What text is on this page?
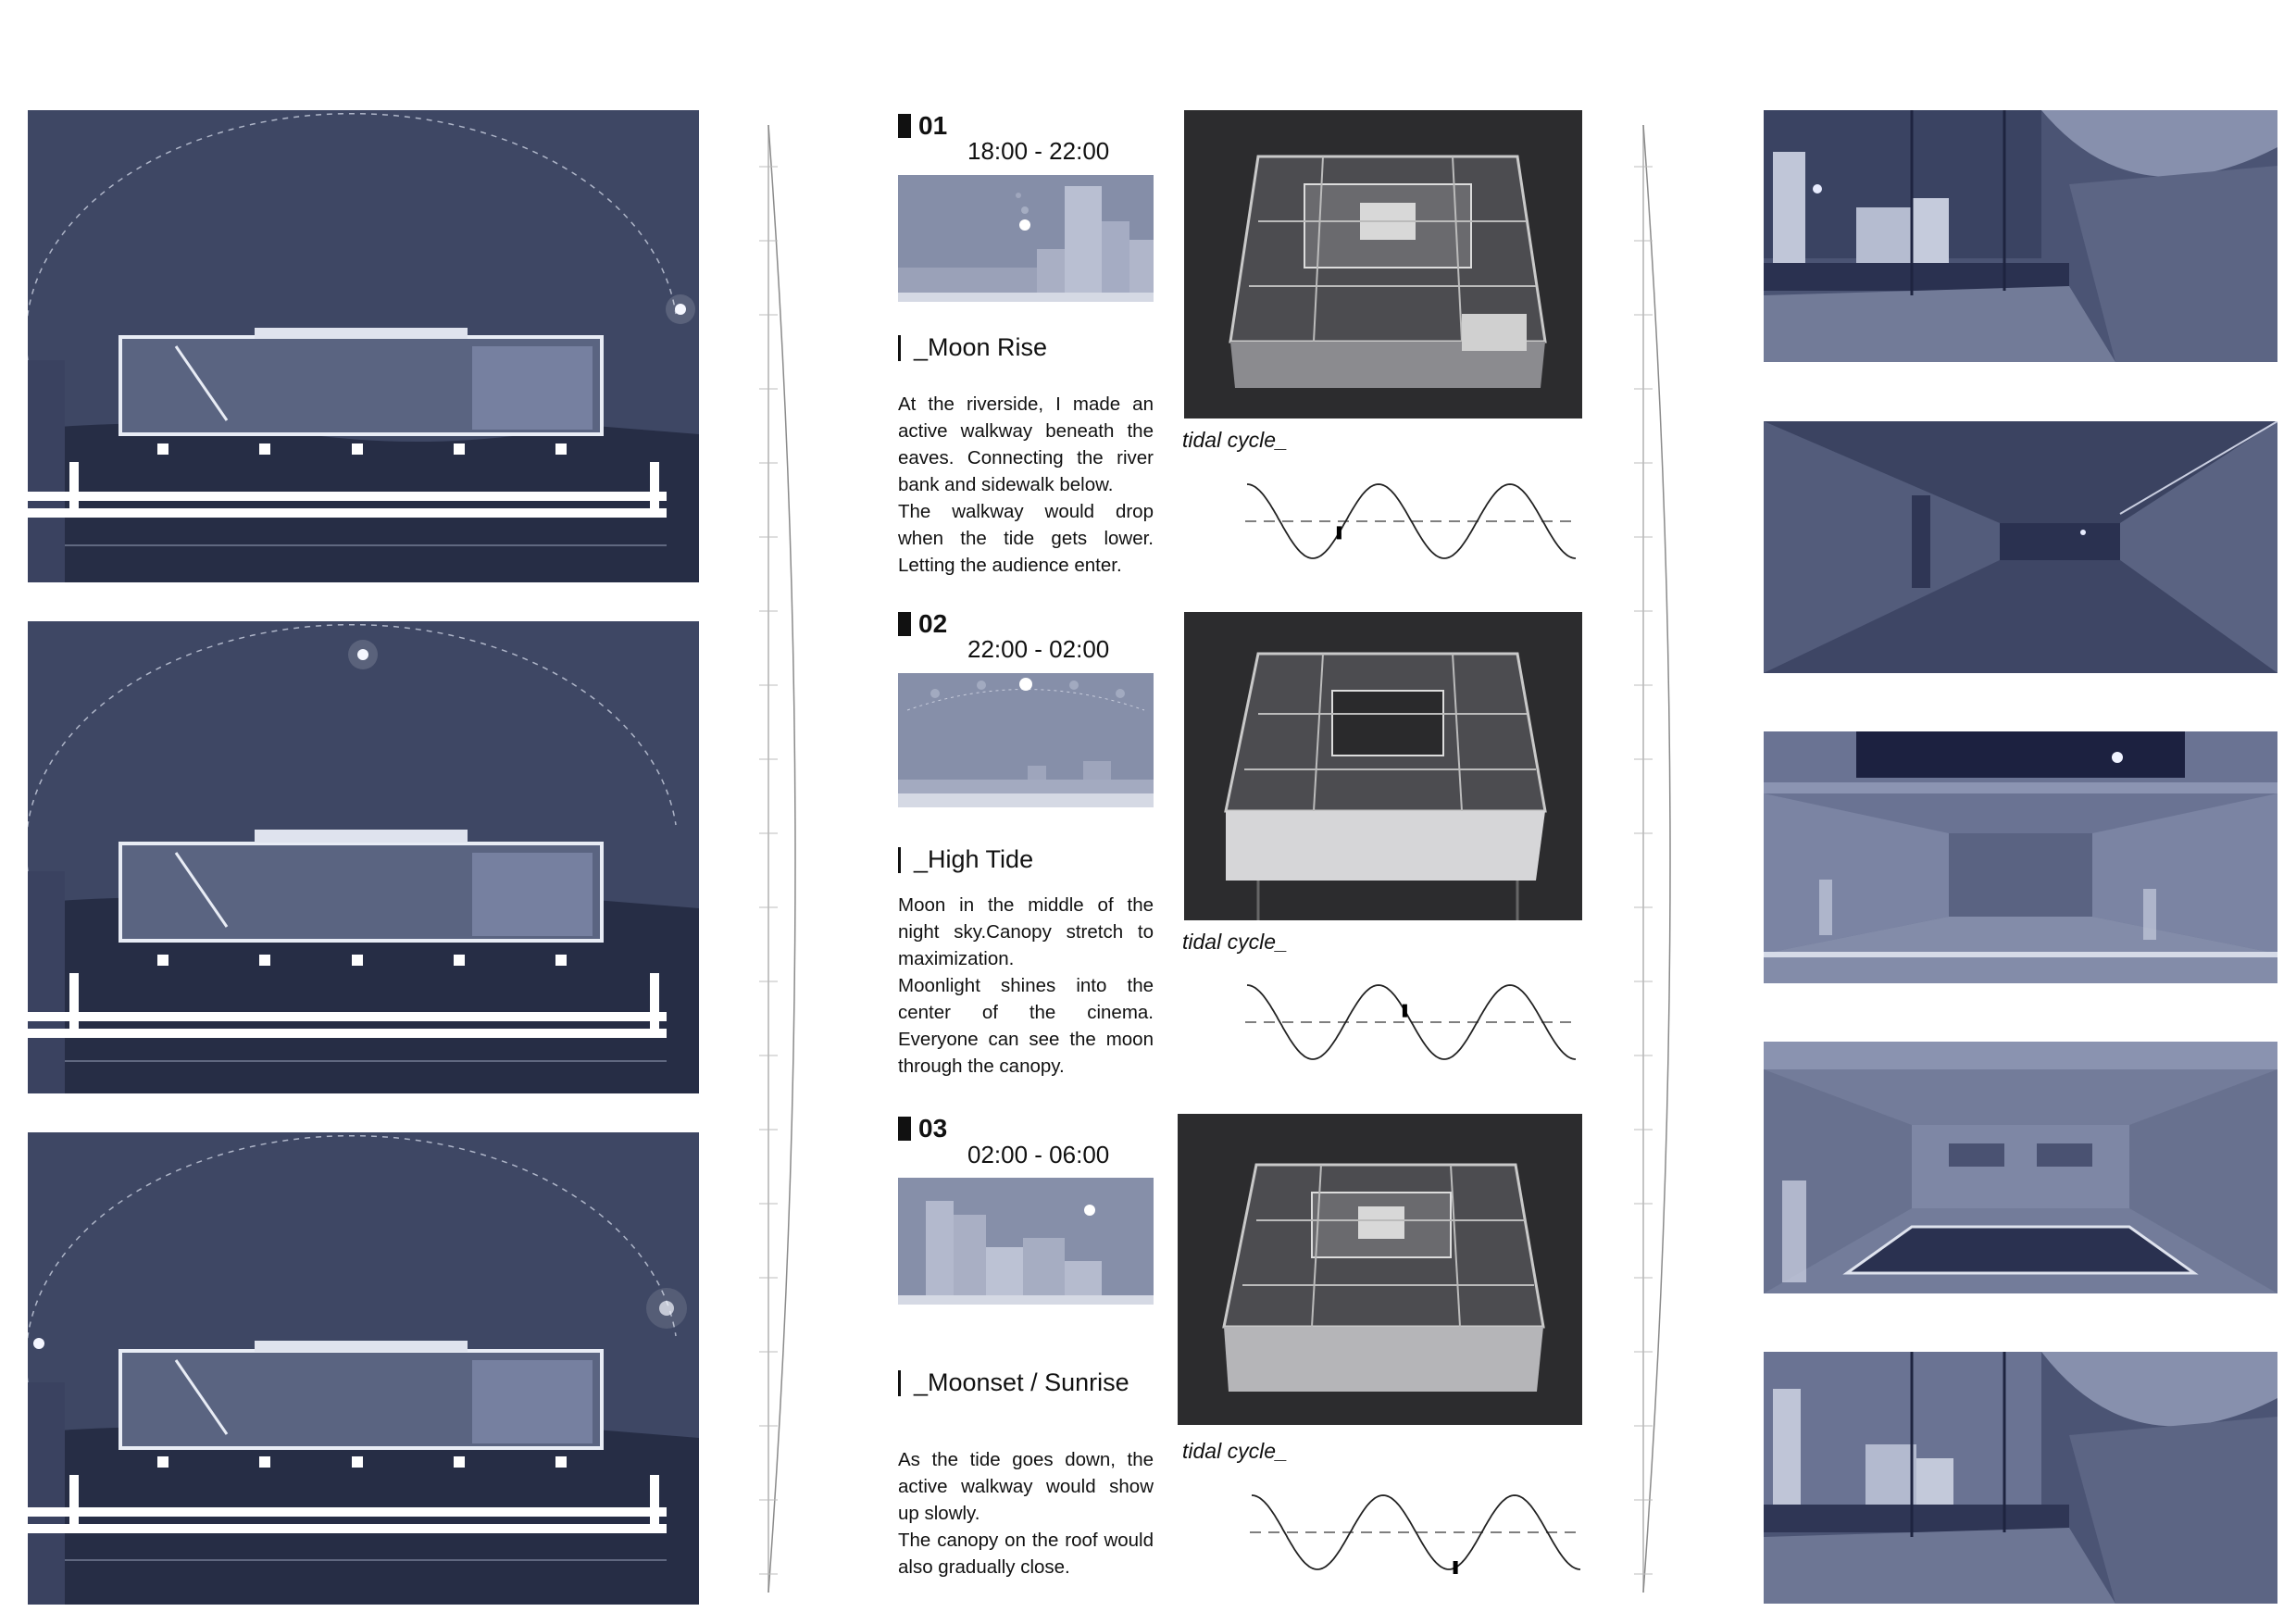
01
18:00 - 22:00
_Moon Rise

At the riverside, I made an active walkway beneath the eaves. Connecting the river bank and sidewalk below.

The walkway would drop when the tide gets lower. Letting the audience enter.

02
22:00 - 02:00
_High Tide

Moon in the middle of the night sky.Canopy stretch to maximization.

Moonlight shines into the center of the cinema. Everyone can see the moon through the canopy.

03
02:00 - 06:00
_Moonset / Sunrise

As the tide goes down, the active walkway would show up slowly.

The canopy on the roof would also gradually close.

tidal cycle_
tidal cycle_
tidal cycle_
